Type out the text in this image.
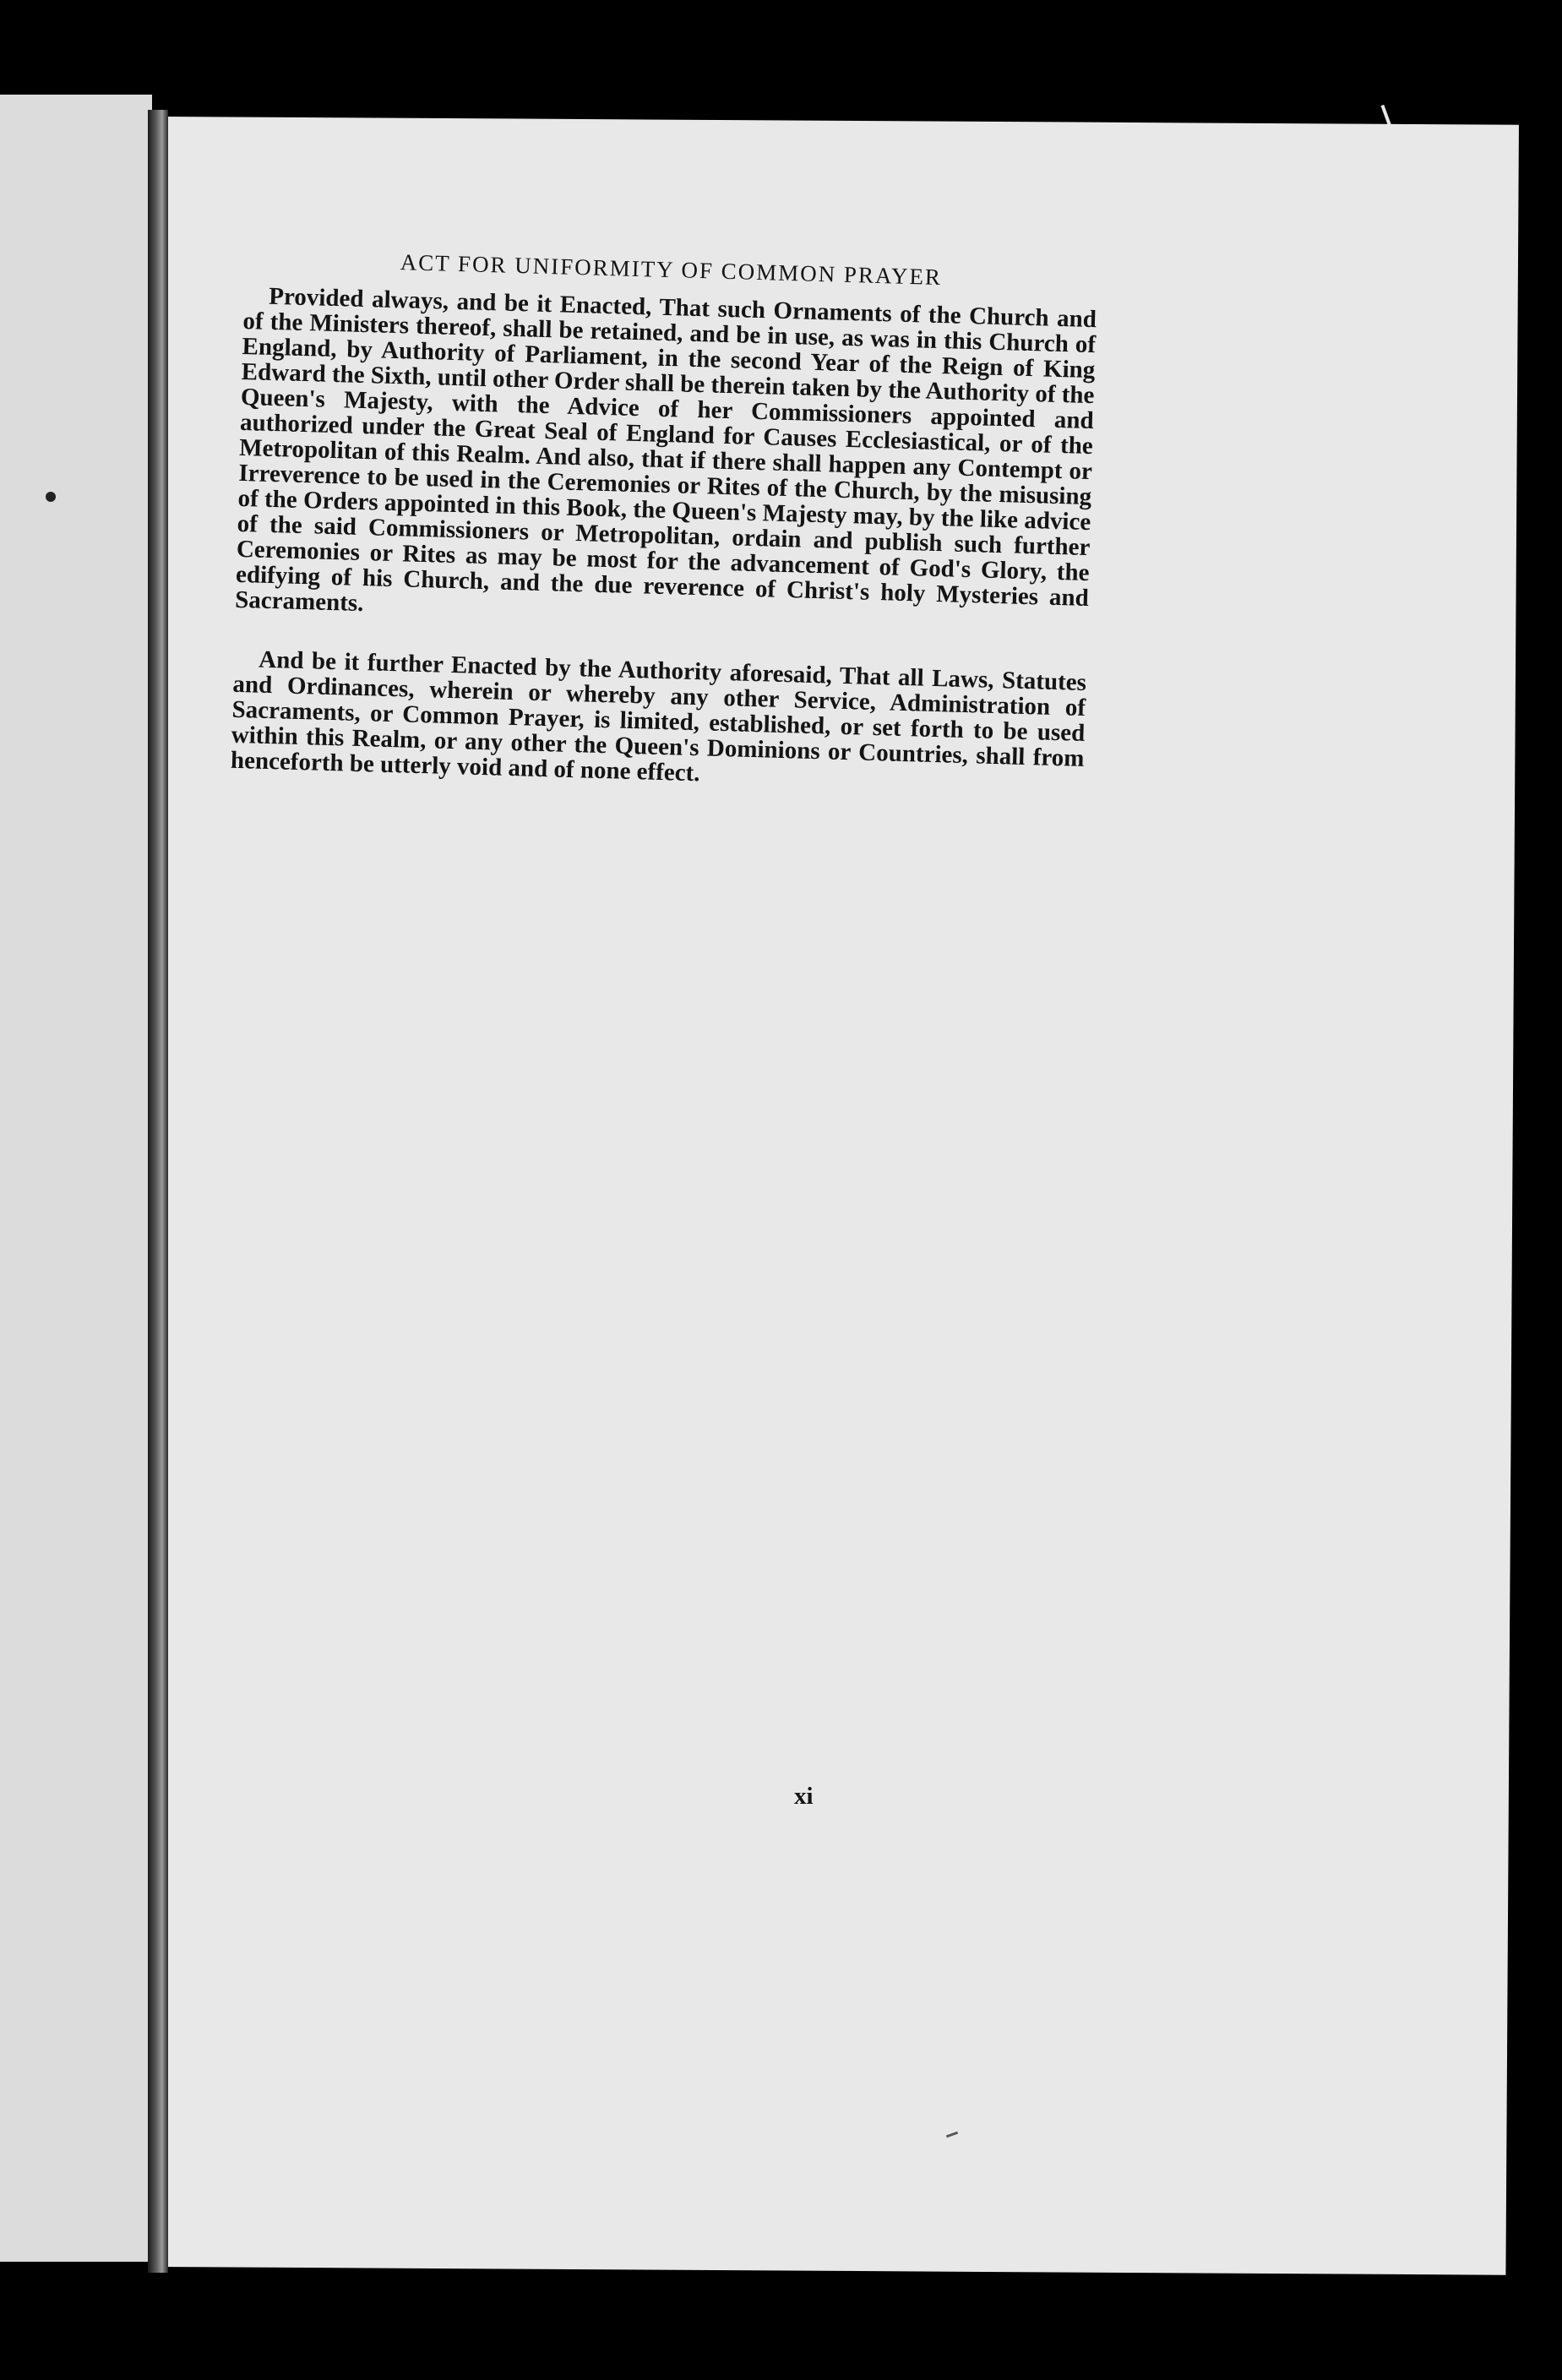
ACT FOR UNIFORMITY OF COMMON PRAYER

Provided always, and be it Enacted, That such Ornaments of the Church and of the Ministers thereof, shall be retained, and be in use, as was in this Church of England, by Authority of Parliament, in the second Year of the Reign of King Edward the Sixth, until other Order shall be therein taken by the Authority of the Queen's Majesty, with the Advice of her Commissioners appointed and authorized under the Great Seal of England for Causes Ecclesiastical, or of the Metropolitan of this Realm. And also, that if there shall happen any Contempt or Irreverence to be used in the Ceremonies or Rites of the Church, by the misusing of the Orders appointed in this Book, the Queen's Majesty may, by the like advice of the said Commissioners or Metropolitan, ordain and publish such further Ceremonies or Rites as may be most for the advancement of God's Glory, the edifying of his Church, and the due reverence of Christ's holy Mysteries and Sacraments.

And be it further Enacted by the Authority aforesaid, That all Laws, Statutes and Ordinances, wherein or whereby any other Service, Administration of Sacraments, or Common Prayer, is limited, established, or set forth to be used within this Realm, or any other the Queen's Dominions or Countries, shall from henceforth be utterly void and of none effect.

xi
